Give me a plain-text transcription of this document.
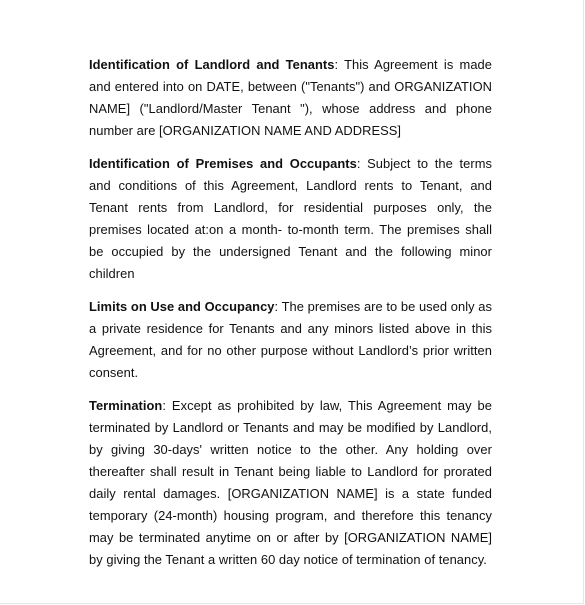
Identification of Landlord and Tenants: This Agreement is made and entered into on DATE, between ("Tenants") and ORGANIZATION NAME] ("Landlord/Master Tenant "), whose address and phone number are [ORGANIZATION NAME AND ADDRESS]

Identification of Premises and Occupants: Subject to the terms and conditions of this Agreement, Landlord rents to Tenant, and Tenant rents from Landlord, for residential purposes only, the premises located at:on a month- to-month term. The premises shall be occupied by the undersigned Tenant and the following minor children

Limits on Use and Occupancy: The premises are to be used only as a private residence for Tenants and any minors listed above in this Agreement, and for no other purpose without Landlord’s prior written consent.

Termination: Except as prohibited by law, This Agreement may be terminated by Landlord or Tenants and may be modified by Landlord, by giving 30-days' written notice to the other. Any holding over thereafter shall result in Tenant being liable to Landlord for prorated daily rental damages. [ORGANIZATION NAME] is a state funded temporary (24-month) housing program, and therefore this tenancy may be terminated anytime on or after by [ORGANIZATION NAME] by giving the Tenant a written 60 day notice of termination of tenancy.
